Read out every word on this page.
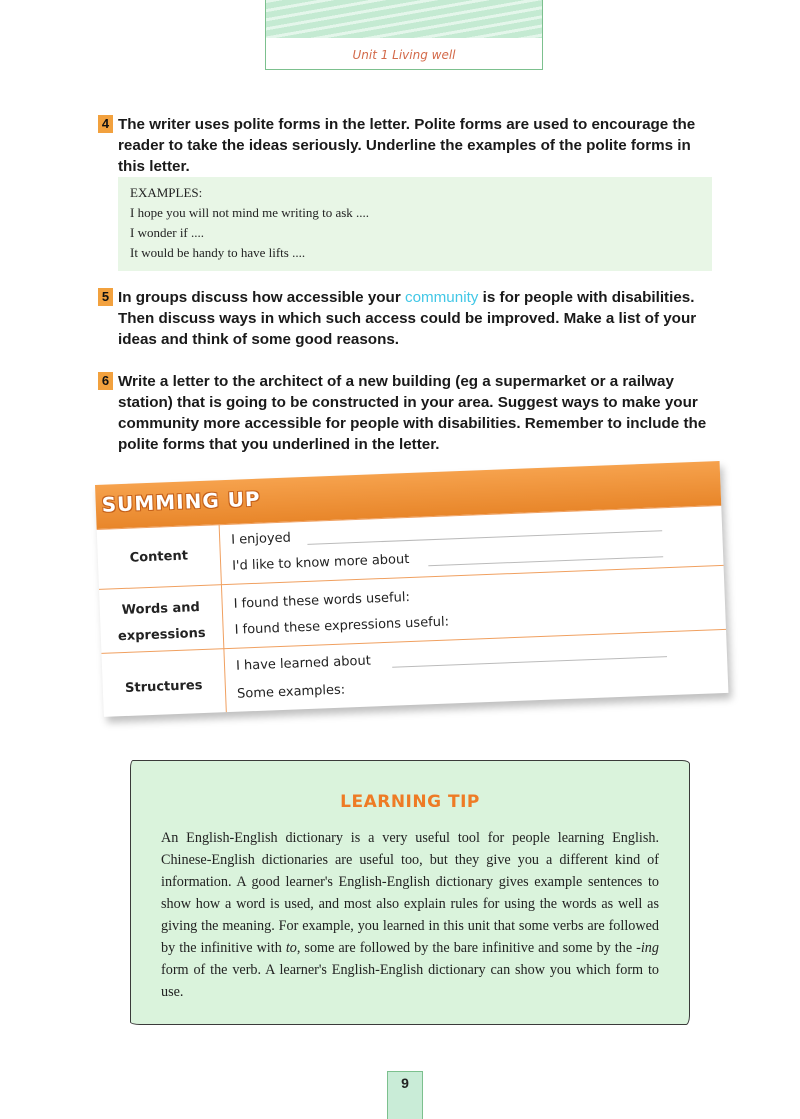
Unit 1 Living well
4 The writer uses polite forms in the letter. Polite forms are used to encourage the reader to take the ideas seriously. Underline the examples of the polite forms in this letter.
EXAMPLES:
I hope you will not mind me writing to ask ....
I wonder if ....
It would be handy to have lifts ....
5 In groups discuss how accessible your community is for people with disabilities. Then discuss ways in which such access could be improved. Make a list of your ideas and think of some good reasons.
6 Write a letter to the architect of a new building (eg a supermarket or a railway station) that is going to be constructed in your area. Suggest ways to make your community more accessible for people with disabilities. Remember to include the polite forms that you underlined in the letter.
SUMMING UP
Content
I enjoyed
I'd like to know more about
Words and
expressions
I found these words useful:
I found these expressions useful:
Structures
I have learned about
Some examples:
LEARNING TIP
An English-English dictionary is a very useful tool for people learning English. Chinese-English dictionaries are useful too, but they give you a different kind of information. A good learner's English-English dictionary gives example sentences to show how a word is used, and most also explain rules for using the words as well as giving the meaning. For example, you learned in this unit that some verbs are followed by the infinitive with to, some are followed by the bare infinitive and some by the -ing form of the verb. A learner's English-English dictionary can show you which form to use.
9
